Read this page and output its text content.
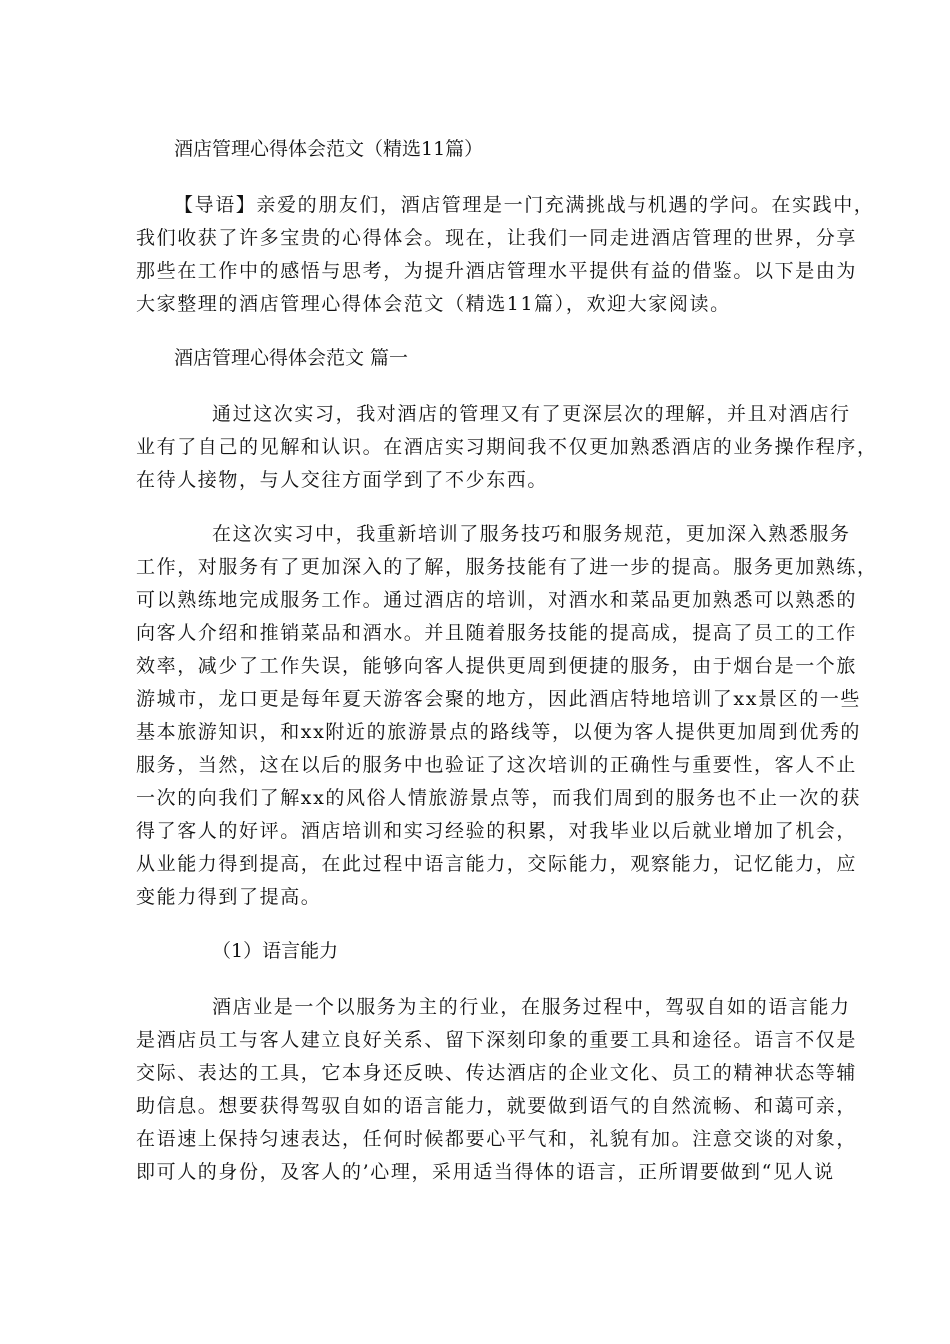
酒店管理心得体会范文（精选11篇）
【导语】亲爱的朋友们，酒店管理是一门充满挑战与机遇的学问。在实践中，
我们收获了许多宝贵的心得体会。现在，让我们一同走进酒店管理的世界，分享
那些在工作中的感悟与思考，为提升酒店管理水平提供有益的借鉴。以下是由为
大家整理的酒店管理心得体会范文（精选11篇），欢迎大家阅读。
酒店管理心得体会范文 篇一
通过这次实习，我对酒店的管理又有了更深层次的理解，并且对酒店行
业有了自己的见解和认识。在酒店实习期间我不仅更加熟悉酒店的业务操作程序，
在待人接物，与人交往方面学到了不少东西。
在这次实习中，我重新培训了服务技巧和服务规范，更加深入熟悉服务
工作，对服务有了更加深入的了解，服务技能有了进一步的提高。服务更加熟练，
可以熟练地完成服务工作。通过酒店的培训，对酒水和菜品更加熟悉可以熟悉的
向客人介绍和推销菜品和酒水。并且随着服务技能的提高成，提高了员工的工作
效率，减少了工作失误，能够向客人提供更周到便捷的服务，由于烟台是一个旅
游城市，龙口更是每年夏天游客会聚的地方，因此酒店特地培训了xx景区的一些
基本旅游知识，和xx附近的旅游景点的路线等，以便为客人提供更加周到优秀的
服务，当然，这在以后的服务中也验证了这次培训的正确性与重要性，客人不止
一次的向我们了解xx的风俗人情旅游景点等，而我们周到的服务也不止一次的获
得了客人的好评。酒店培训和实习经验的积累，对我毕业以后就业增加了机会，
从业能力得到提高，在此过程中语言能力，交际能力，观察能力，记忆能力，应
变能力得到了提高。
（1）语言能力
酒店业是一个以服务为主的行业，在服务过程中，驾驭自如的语言能力
是酒店员工与客人建立良好关系、留下深刻印象的重要工具和途径。语言不仅是
交际、表达的工具，它本身还反映、传达酒店的企业文化、员工的精神状态等辅
助信息。想要获得驾驭自如的语言能力，就要做到语气的自然流畅、和蔼可亲，
在语速上保持匀速表达，任何时候都要心平气和，礼貌有加。注意交谈的对象，
即可人的身份，及客人的’心理，采用适当得体的语言，正所谓要做到“见人说
